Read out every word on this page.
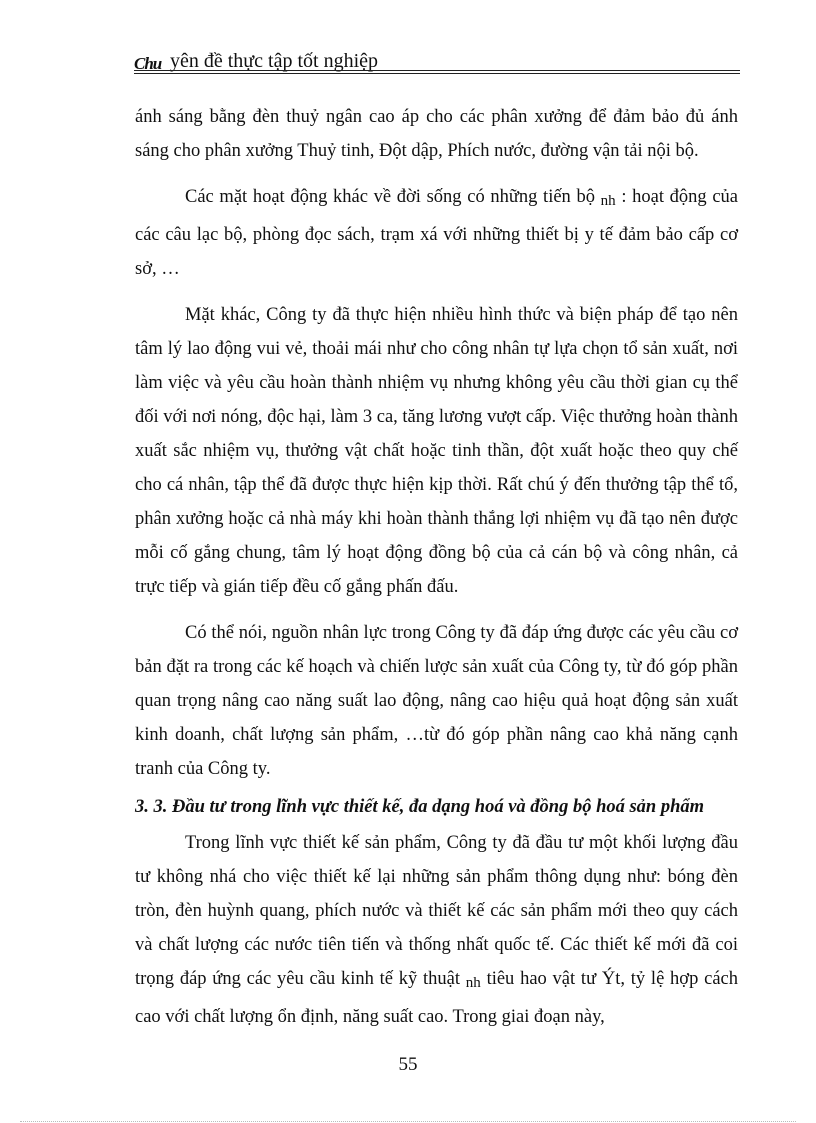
Chu yên đề thực tập tốt nghiệp

ánh sáng bằng đèn thuỷ ngân cao áp cho các phân xưởng để đảm bảo đủ ánh sáng cho phân xưởng Thuỷ tinh, Đột dập, Phích nước, đường vận tải nội bộ.

Các mặt hoạt động khác về đời sống có những tiến bộ $_{nh}$ : hoạt động của các câu lạc bộ, phòng đọc sách, trạm xá với những thiết bị y tế đảm bảo cấp cơ sở, …

Mặt khác, Công ty đã thực hiện nhiều hình thức và biện pháp để tạo nên tâm lý lao động vui vẻ, thoải mái như cho công nhân tự lựa chọn tổ sản xuất, nơi làm việc và yêu cầu hoàn thành nhiệm vụ nhưng không yêu cầu thời gian cụ thể đối với nơi nóng, độc hại, làm 3 ca, tăng lương vượt cấp. Việc thưởng hoàn thành xuất sắc nhiệm vụ, thưởng vật chất hoặc tinh thần, đột xuất hoặc theo quy chế cho cá nhân, tập thể đã được thực hiện kịp thời. Rất chú ý đến thưởng tập thể tổ, phân xưởng hoặc cả nhà máy khi hoàn thành thắng lợi nhiệm vụ đã tạo nên được mỗi cố gắng chung, tâm lý hoạt động đồng bộ của cả cán bộ và công nhân, cả trực tiếp và gián tiếp đều cố gắng phấn đấu.

Có thể nói, nguồn nhân lực trong Công ty đã đáp ứng được các yêu cầu cơ bản đặt ra trong các kế hoạch và chiến lược sản xuất của Công ty, từ đó góp phần quan trọng nâng cao năng suất lao động, nâng cao hiệu quả hoạt động sản xuất kinh doanh, chất lượng sản phẩm, …từ đó góp phần nâng cao khả năng cạnh tranh của Công ty.

3. 3. Đầu tư trong lĩnh vực thiết kế, đa dạng hoá và đồng bộ hoá sản phẩm

Trong lĩnh vực thiết kế sản phẩm, Công ty đã đầu tư một khối lượng đầu tư không nhá cho việc thiết kế lại những sản phẩm thông dụng như: bóng đèn tròn, đèn huỳnh quang, phích nước và thiết kế các sản phẩm mới theo quy cách và chất lượng các nước tiên tiến và thống nhất quốc tế. Các thiết kế mới đã coi trọng đáp ứng các yêu cầu kinh tế kỹ thuật $_{nh}$ tiêu hao vật tư Ýt, tỷ lệ hợp cách cao với chất lượng ổn định, năng suất cao. Trong giai đoạn này,

55
